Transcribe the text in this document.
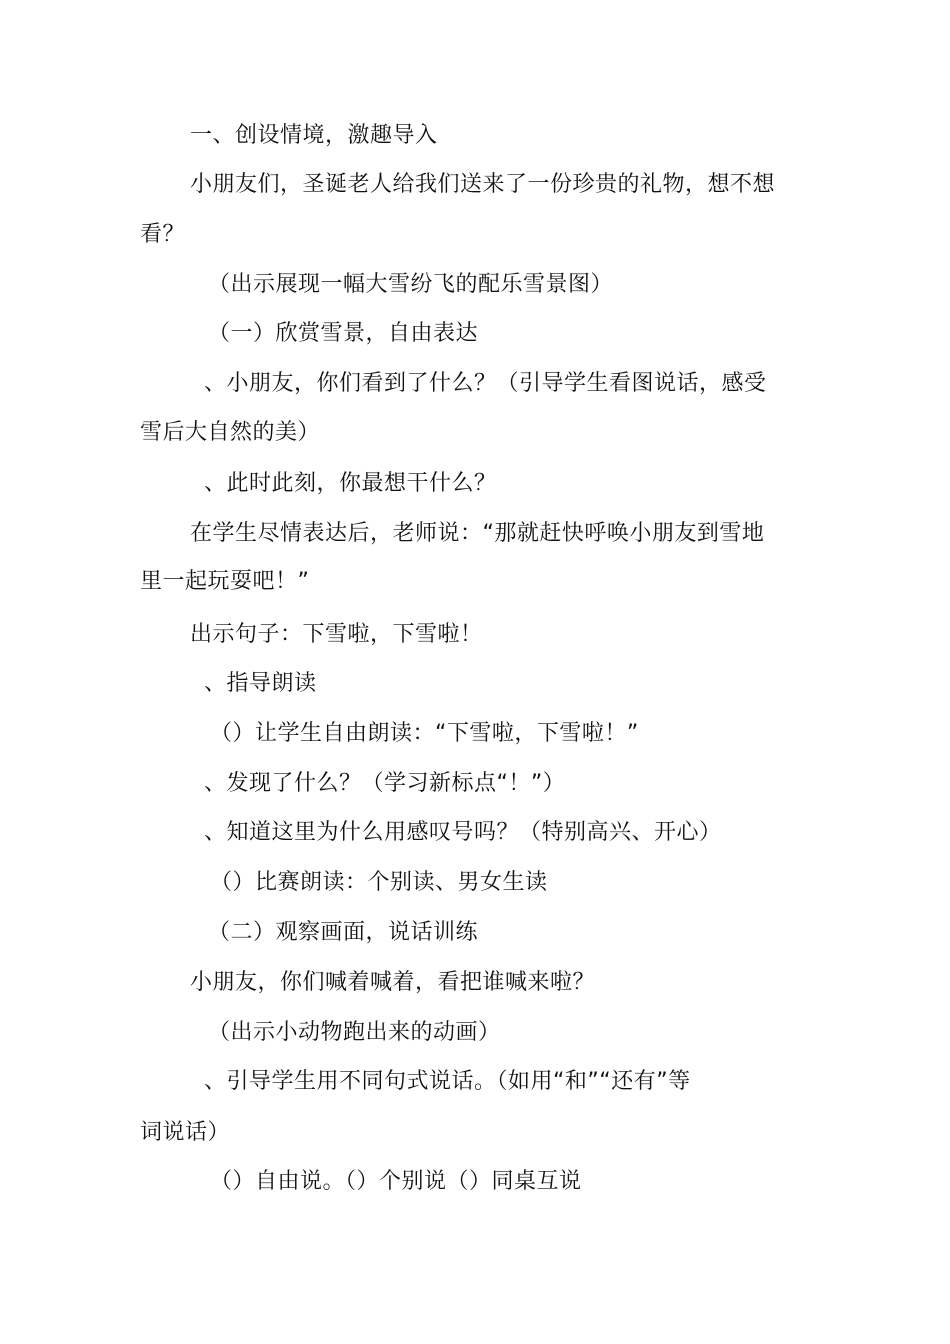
一、创设情境，激趣导入
小朋友们，圣诞老人给我们送来了一份珍贵的礼物，想不想
看？
（出示展现一幅大雪纷飞的配乐雪景图）
（一）欣赏雪景，自由表达
、小朋友，你们看到了什么？（引导学生看图说话，感受
雪后大自然的美）
、此时此刻，你最想干什么？
在学生尽情表达后，老师说：“那就赶快呼唤小朋友到雪地
里一起玩耍吧！”
出示句子：下雪啦，下雪啦！
、指导朗读
（）让学生自由朗读：“下雪啦，下雪啦！”
、发现了什么？（学习新标点“！”）
、知道这里为什么用感叹号吗？（特别高兴、开心）
（）比赛朗读：个别读、男女生读
（二）观察画面，说话训练
小朋友，你们喊着喊着，看把谁喊来啦？
（出示小动物跑出来的动画）
、引导学生用不同句式说话。（如用“和”“还有”等
词说话）
（）自由说。（）个别说（）同桌互说
